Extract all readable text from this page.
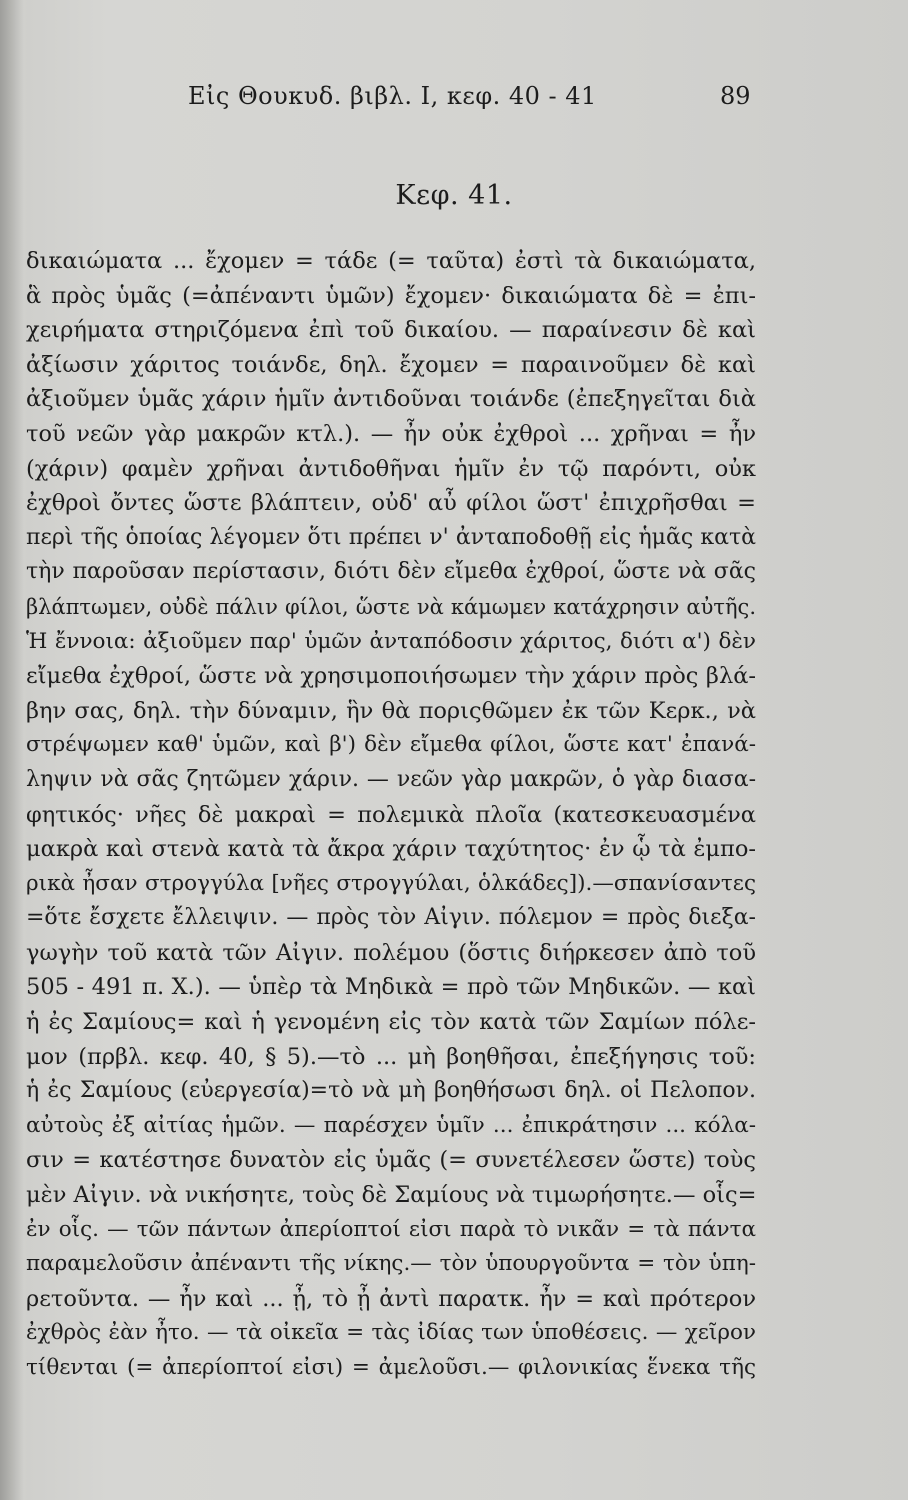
Εἰς Θουκυδ. βιβλ. I, κεφ. 40 - 41	89
Κεφ. 41.
δικαιώματα ... ἔχομεν = τάδε (= ταῦτα) ἐστὶ τὰ δικαιώματα,
ἃ πρὸς ὑμᾶς (=ἀπέναντι ὑμῶν) ἔχομεν· δικαιώματα δὲ = ἐπι-
χειρήματα στηριζόμενα ἐπὶ τοῦ δικαίου. — παραίνεσιν δὲ καὶ
ἀξίωσιν χάριτος τοιάνδε, δηλ. ἔχομεν = παραινοῦμεν δὲ καὶ
ἀξιοῦμεν ὑμᾶς χάριν ἡμῖν ἀντιδοῦναι τοιάνδε (ἐπεξηγεῖται διὰ
τοῦ νεῶν γὰρ μακρῶν κτλ.). — ἦν οὐκ ἐχθροὶ ... χρῆναι = ἦν
(χάριν) φαμὲν χρῆναι ἀντιδοθῆναι ἡμῖν ἐν τῷ παρόντι, οὐκ
ἐχθροὶ ὄντες ὥστε βλάπτειν, οὐδ' αὖ φίλοι ὥστ' ἐπιχρῆσθαι =
περὶ τῆς ὁποίας λέγομεν ὅτι πρέπει ν' ἀνταποδοθῇ εἰς ἡμᾶς κατὰ
τὴν παροῦσαν περίστασιν, διότι δὲν εἴμεθα ἐχθροί, ὥστε νὰ σᾶς
βλάπτωμεν, οὐδὲ πάλιν φίλοι, ὥστε νὰ κάμωμεν κατάχρησιν αὐτῆς.
Ἡ ἔννοια: ἀξιοῦμεν παρ' ὑμῶν ἀνταπόδοσιν χάριτος, διότι α') δὲν
εἴμεθα ἐχθροί, ὥστε νὰ χρησιμοποιήσωμεν τὴν χάριν πρὸς βλά-
βην σας, δηλ. τὴν δύναμιν, ἣν θὰ ποριςθῶμεν ἐκ τῶν Κερκ., νὰ
στρέψωμεν καθ' ὑμῶν, καὶ β') δὲν εἴμεθα φίλοι, ὥστε κατ' ἐπανά-
ληψιν νὰ σᾶς ζητῶμεν χάριν. — νεῶν γὰρ μακρῶν, ὁ γὰρ διασα-
φητικός· νῆες δὲ μακραὶ = πολεμικὰ πλοῖα (κατεσκευασμένα
μακρὰ καὶ στενὰ κατὰ τὰ ἄκρα χάριν ταχύτητος· ἐν ᾧ τὰ ἐμπο-
ρικὰ ἦσαν στρογγύλα [νῆες στρογγύλαι, ὁλκάδες]).—σπανίσαντες
=ὅτε ἔσχετε ἔλλειψιν. — πρὸς τὸν Αἰγιν. πόλεμον = πρὸς διεξα-
γωγὴν τοῦ κατὰ τῶν Αἰγιν. πολέμου (ὅστις διήρκεσεν ἀπὸ τοῦ
505 - 491 π. Χ.). — ὑπὲρ τὰ Μηδικὰ = πρὸ τῶν Μηδικῶν. — καὶ
ἡ ἐς Σαμίους= καὶ ἡ γενομένη εἰς τὸν κατὰ τῶν Σαμίων πόλε-
μον (πρβλ. κεφ. 40, § 5).—τὸ ... μὴ βοηθῆσαι, ἐπεξήγησις τοῦ:
ἡ ἐς Σαμίους (εὐεργεσία)=τὸ νὰ μὴ βοηθήσωσι δηλ. οἱ Πελοπον.
αὐτοὺς ἐξ αἰτίας ἡμῶν. — παρέσχεν ὑμῖν ... ἐπικράτησιν ... κόλα-
σιν = κατέστησε δυνατὸν εἰς ὑμᾶς (= συνετέλεσεν ὥστε) τοὺς
μὲν Αἰγιν. νὰ νικήσητε, τοὺς δὲ Σαμίους νὰ τιμωρήσητε.— οἷς=
ἐν οἷς. — τῶν πάντων ἀπερίοπτοί εἰσι παρὰ τὸ νικᾶν = τὰ πάντα
παραμελοῦσιν ἀπέναντι τῆς νίκης.— τὸν ὑπουργοῦντα = τὸν ὑπη-
ρετοῦντα. — ἦν καὶ ... ᾖ, τὸ ᾖ ἀντὶ παρατκ. ἦν = καὶ πρότερον
ἐχθρὸς ἐὰν ἦτο. — τὰ οἰκεῖα = τὰς ἰδίας των ὑποθέσεις. — χεῖρον
τίθενται (= ἀπερίοπτοί εἰσι) = ἀμελοῦσι.— φιλονικίας ἕνεκα τῆς
